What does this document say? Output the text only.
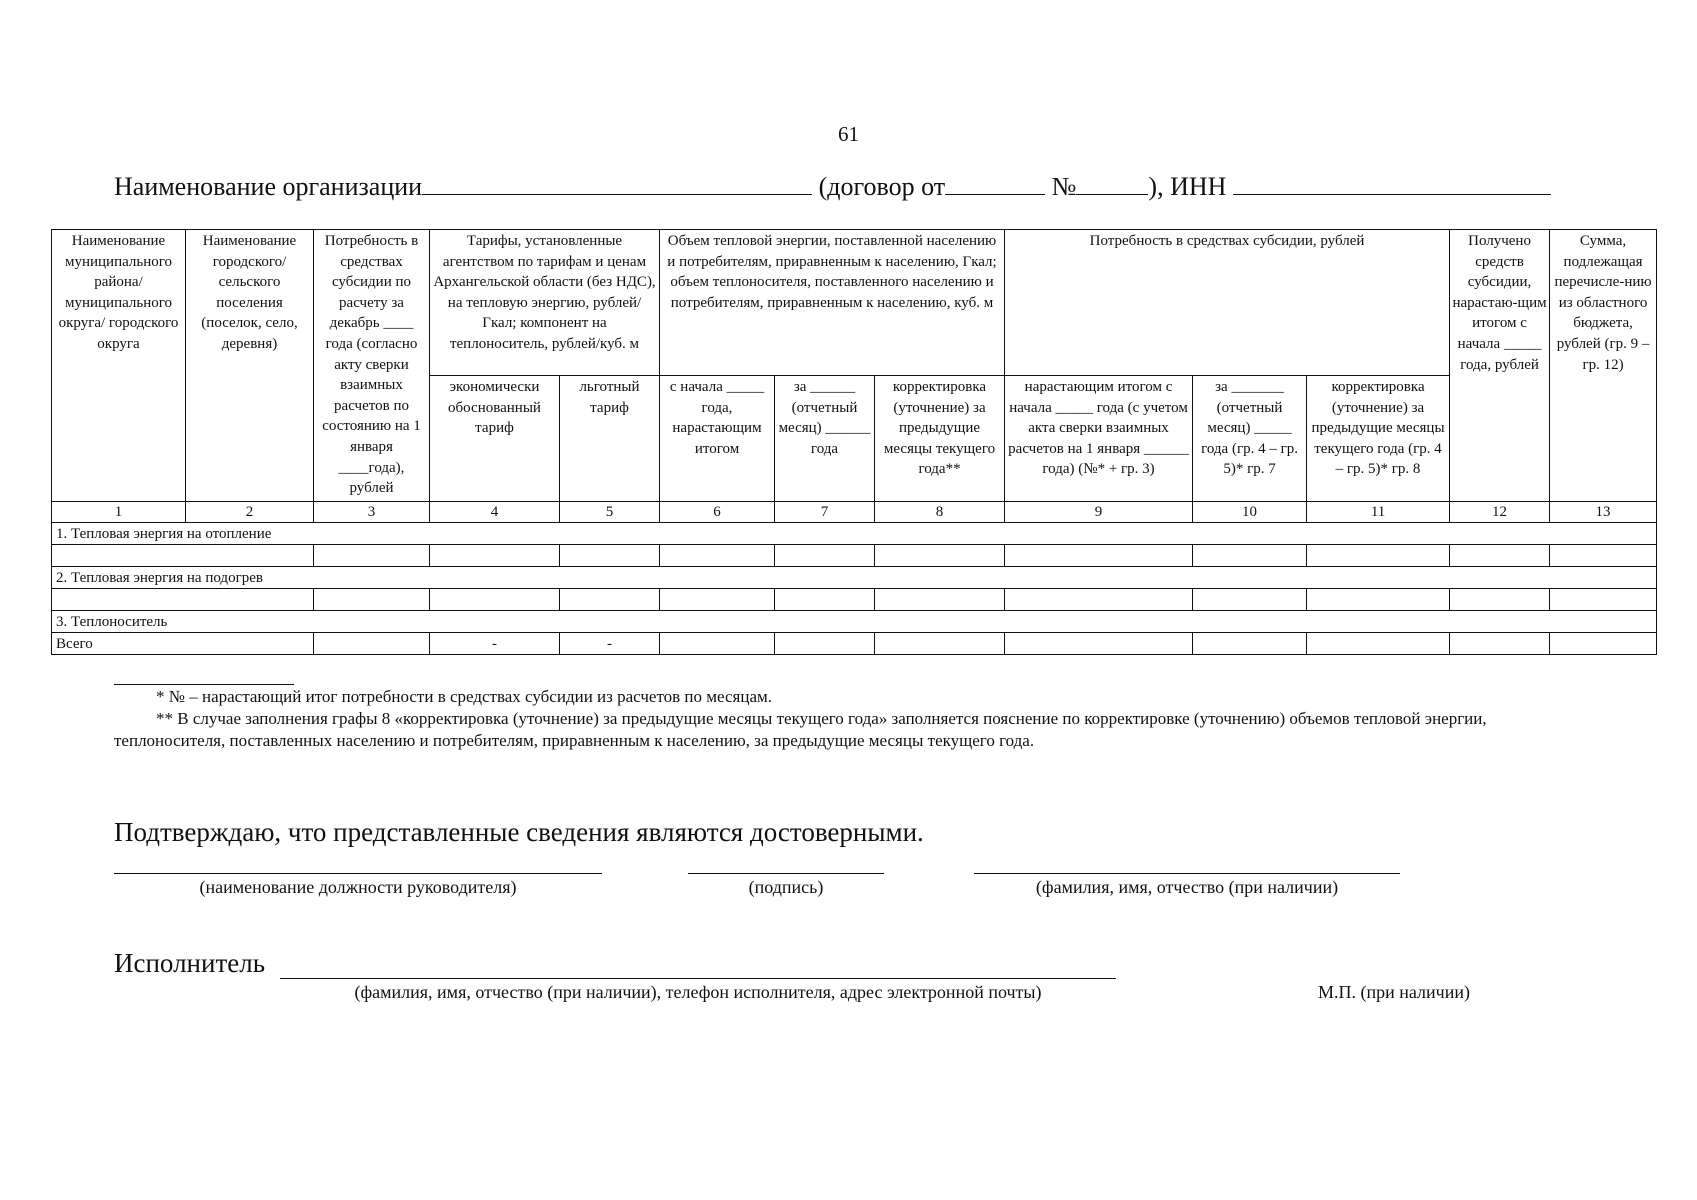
61
Наименование организации	(договор от	№	), ИНН
Наименование муниципального района/ муниципального округа/ городского округа	Наименование городского/ сельского поселения (поселок, село, деревня)	Потребность в средствах субсидии по расчету за декабрь ____ года (согласно акту сверки взаимных расчетов по состоянию на 1 января ____года), рублей	Тарифы, установленные агентством по тарифам и ценам Архангельской области (без НДС), на тепловую энергию, рублей/Гкал; компонент на теплоноситель, рублей/куб. м		Объем тепловой энергии, поставленной населению и потребителям, приравненным к населению, Гкал; объем теплоносителя, поставленного населению и потребителям, приравненным к населению, куб. м			Потребность в средствах субсидии, рублей			Получено средств субсидии, нарастаю-щим итогом с начала _____ года, рублей	Сумма, подлежащая перечисле-нию из областного бюджета, рублей (гр. 9 – гр. 12)
			экономически обоснованный тариф	льготный тариф	с начала _____ года, нарастающим итогом	за ______ (отчетный месяц) ______ года	корректировка (уточнение) за предыдущие месяцы текущего года**	нарастающим итогом с начала _____ года (с учетом акта сверки взаимных расчетов на 1 января ______ года) (№* + гр. 3)	за _______ (отчетный месяц) _____ года (гр. 4 – гр. 5)* гр. 7	корректировка (уточнение) за предыдущие месяцы текущего года (гр. 4 – гр. 5)* гр. 8		
1	2	3	4	5	6	7	8	9	10	11	12	13
1. Тепловая энергия на отопление												

2. Тепловая энергия на подогрев												

3. Теплоноситель												
Всего			-	-								
* № – нарастающий итог потребности в средствах субсидии из расчетов по месяцам.
** В случае заполнения графы 8 «корректировка (уточнение) за предыдущие месяцы текущего года» заполняется пояснение по корректировке (уточнению) объемов тепловой энергии, теплоносителя, поставленных населению и потребителям, приравненным к населению, за предыдущие месяцы текущего года.
Подтверждаю, что представленные сведения являются достоверными.
(наименование должности руководителя)	(подпись)	(фамилия, имя, отчество (при наличии)
Исполнитель
(фамилия, имя, отчество (при наличии), телефон исполнителя, адрес электронной почты)	М.П. (при наличии)
